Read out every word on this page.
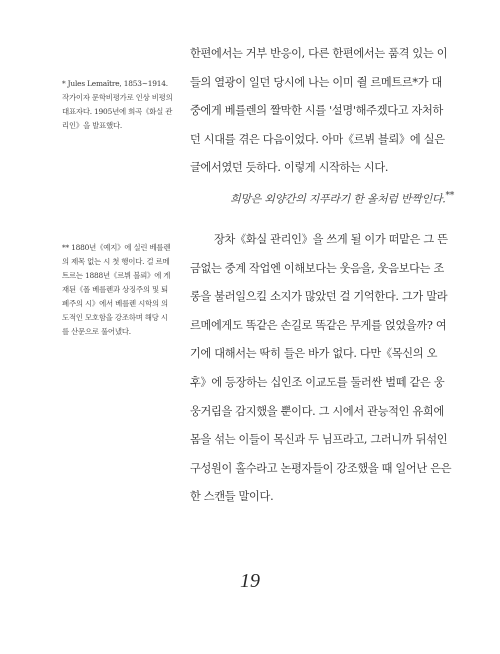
* Jules Lemaître, 1853~1914. 작가이자 문학비평가로 인상 비평의 대표자다. 1905년에 희곡《화실 관리인》을 발표했다.
** 1880년《예지》에 실린 베를렌의 제목 없는 시 첫 행이다. 걸 르메트르는 1888년《르뷔 블뢰》에 게재된《폴 베를렌과 상징주의 및 퇴폐주의 시》에서 베를렌 시학의 의도적인 모호함을 강조하며 해당 시를 산문으로 풀어냈다.
한편에서는 거부 반응이, 다른 한편에서는 품격 있는 이들의 열광이 일던 당시에 나는 이미 쥘 르메트르*가 대중에게 베를렌의 짤막한 시를 '설명'해주겠다고 자처하던 시대를 겪은 다음이었다. 아마《르뷔 블뢰》에 실은 글에서였던 듯하다. 이렇게 시작하는 시다.
희망은 외양간의 지푸라기 한 올처럼 반짝인다.**
장차《화실 관리인》을 쓰게 될 이가 떠맡은 그 뜬금없는 중계 작업엔 이해보다는 웃음을, 웃음보다는 조롱을 불러일으킬 소지가 많았던 걸 기억한다. 그가 말라르메에게도 똑같은 손길로 똑같은 무게를 얹었을까? 여기에 대해서는 딱히 들은 바가 없다. 다만《목신의 오후》에 등장하는 십인조 이교도를 둘러싼 벌떼 같은 웅웅거림을 감지했을 뿐이다. 그 시에서 관능적인 유희에 몸을 섞는 이들이 목신과 두 님프라고, 그러니까 뒤섞인 구성원이 홀수라고 논평자들이 강조했을 때 일어난 은은한 스캔들 말이다.
19
